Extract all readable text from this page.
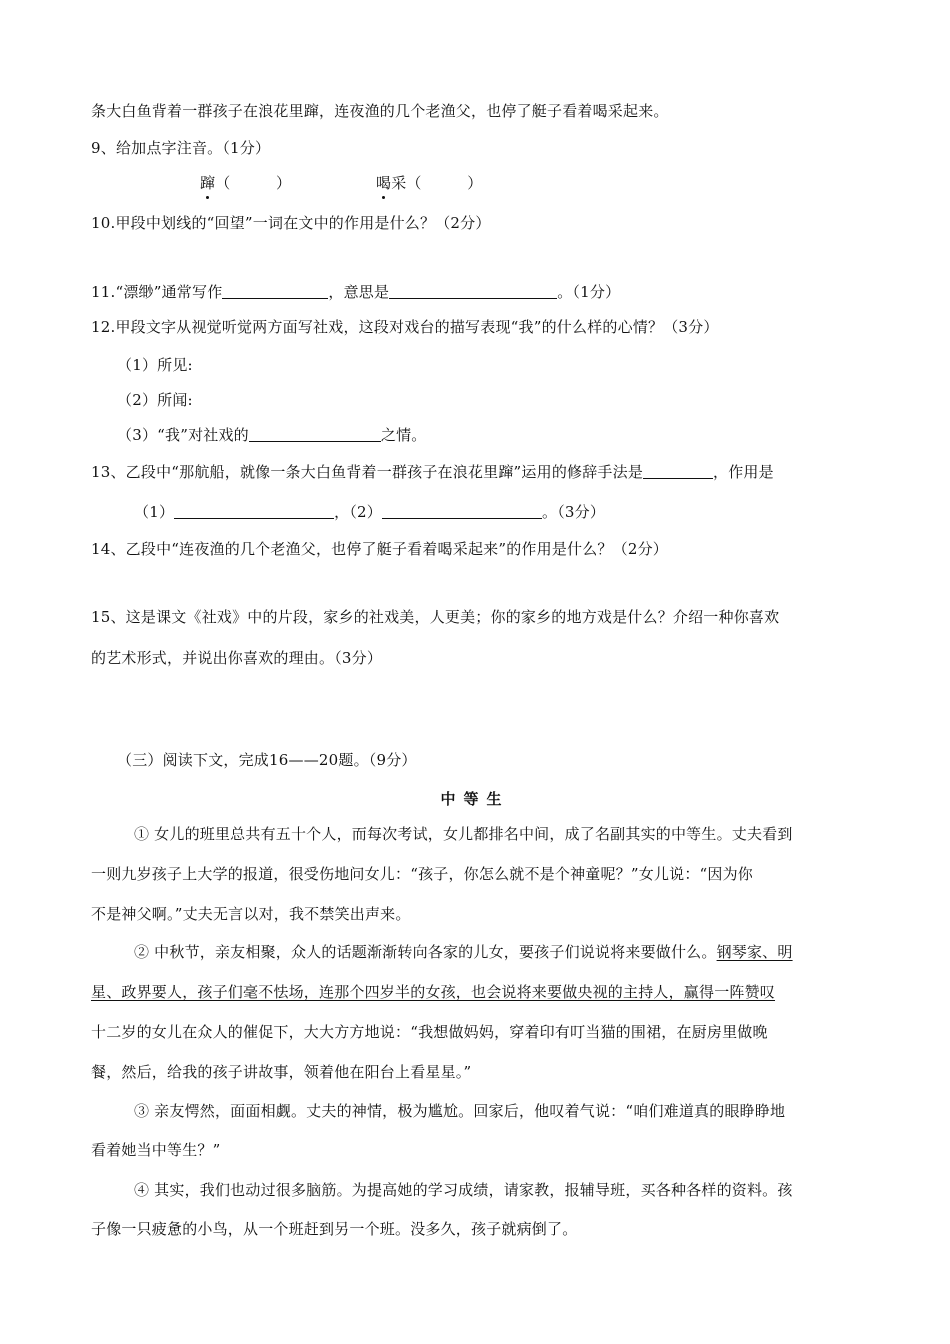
条大白鱼背着一群孩子在浪花里蹿，连夜渔的几个老渔父，也停了艇子看着喝采起来。
9、给加点字注音。（1分）
蹿（　　　）	喝采（　　　）
10.甲段中划线的“回望”一词在文中的作用是什么？（2分）
11.“漂缈”通常写作	，意思是	。（1分）
12.甲段文字从视觉听觉两方面写社戏，这段对戏台的描写表现“我”的什么样的心情？（3分）
（1）所见:
（2）所闻:
（3）“我”对社戏的	之情。
13、乙段中“那航船，就像一条大白鱼背着一群孩子在浪花里蹿”运用的修辞手法是	，作用是
（1）	，（2）	。（3分）
14、乙段中“连夜渔的几个老渔父，也停了艇子看着喝采起来”的作用是什么？（2分）
15、这是课文《社戏》中的片段，家乡的社戏美，人更美；你的家乡的地方戏是什么？介绍一种你喜欢
的艺术形式，并说出你喜欢的理由。（3分）
（三）阅读下文，完成16——20题。（9分）
中等生
① 女儿的班里总共有五十个人，而每次考试，女儿都排名中间，成了名副其实的中等生。丈夫看到
一则九岁孩子上大学的报道，很受伤地问女儿：“孩子，你怎么就不是个神童呢？”女儿说：“因为你
不是神父啊。”丈夫无言以对，我不禁笑出声来。
② 中秋节，亲友相聚，众人的话题渐渐转向各家的儿女，要孩子们说说将来要做什么。钢琴家、明
星、政界要人，孩子们毫不怯场，连那个四岁半的女孩，也会说将来要做央视的主持人，赢得一阵赞叹
十二岁的女儿在众人的催促下，大大方方地说：“我想做妈妈，穿着印有叮当猫的围裙，在厨房里做晚
餐，然后，给我的孩子讲故事，领着他在阳台上看星星。”
③ 亲友愕然，面面相觑。丈夫的神情，极为尴尬。回家后，他叹着气说：“咱们难道真的眼睁睁地
看着她当中等生？”
④ 其实，我们也动过很多脑筋。为提高她的学习成绩，请家教，报辅导班，买各种各样的资料。孩
子像一只疲惫的小鸟，从一个班赶到另一个班。没多久，孩子就病倒了。
